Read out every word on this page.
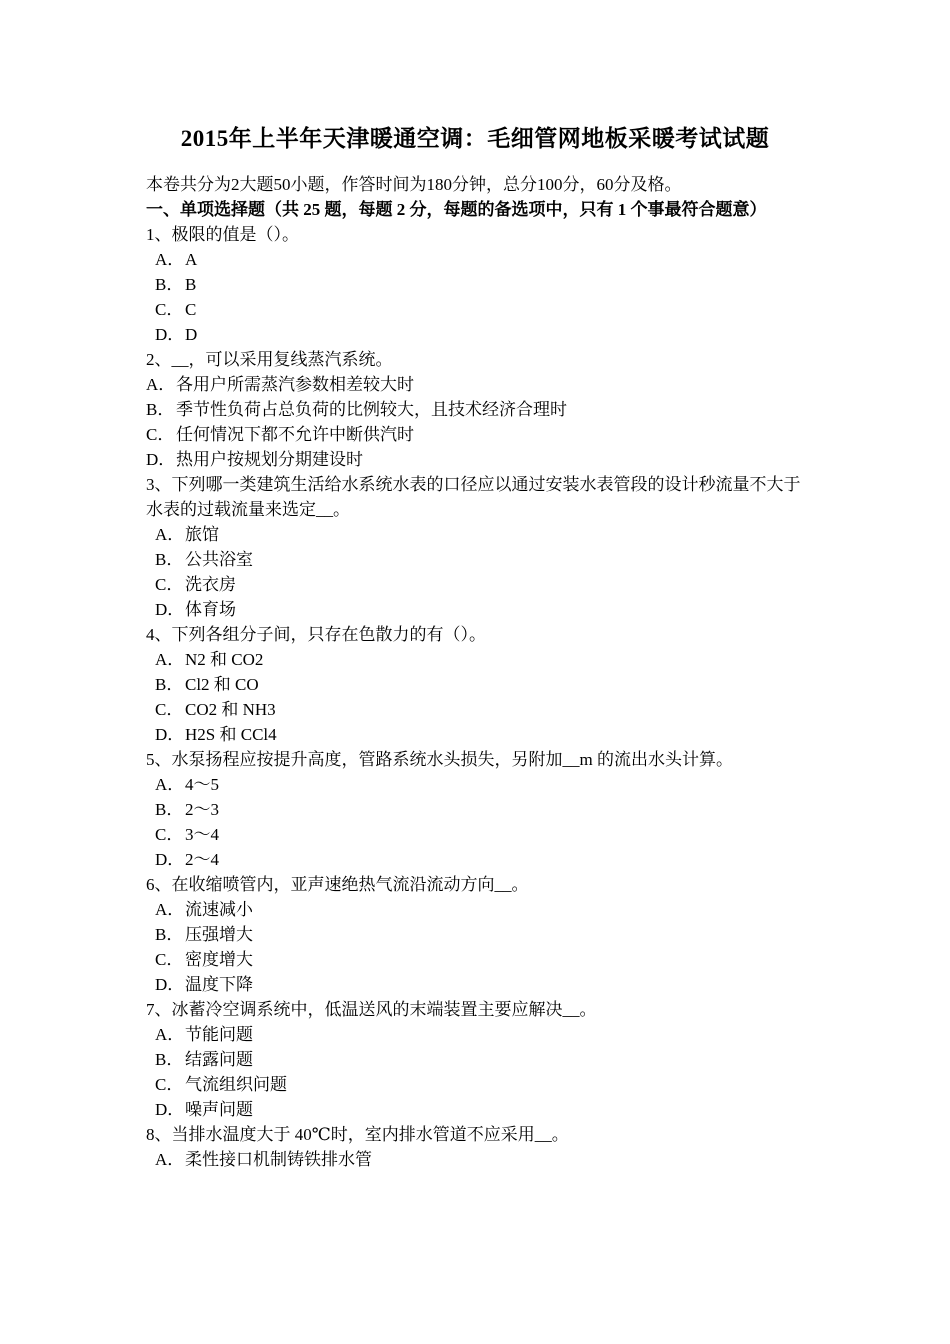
2015年上半年天津暖通空调：毛细管网地板采暖考试试题
本卷共分为2大题50小题，作答时间为180分钟，总分100分，60分及格。
一、单项选择题（共 25 题，每题 2 分，每题的备选项中，只有 1 个事最符合题意）
1、极限的值是（）。
A．A
B．B
C．C
D．D
2、__，可以采用复线蒸汽系统。
A．各用户所需蒸汽参数相差较大时
B．季节性负荷占总负荷的比例较大，且技术经济合理时
C．任何情况下都不允许中断供汽时
D．热用户按规划分期建设时
3、下列哪一类建筑生活给水系统水表的口径应以通过安装水表管段的设计秒流量不大于水表的过载流量来选定__。
A．旅馆
B．公共浴室
C．洗衣房
D．体育场
4、下列各组分子间，只存在色散力的有（）。
A．N2 和 CO2
B．Cl2 和 CO
C．CO2 和 NH3
D．H2S 和 CCl4
5、水泵扬程应按提升高度，管路系统水头损失，另附加__m 的流出水头计算。
A．4～5
B．2～3
C．3～4
D．2～4
6、在收缩喷管内，亚声速绝热气流沿流动方向__。
A．流速减小
B．压强增大
C．密度增大
D．温度下降
7、冰蓄冷空调系统中，低温送风的末端装置主要应解决__。
A．节能问题
B．结露问题
C．气流组织问题
D．噪声问题
8、当排水温度大于 40℃时，室内排水管道不应采用__。
A．柔性接口机制铸铁排水管
